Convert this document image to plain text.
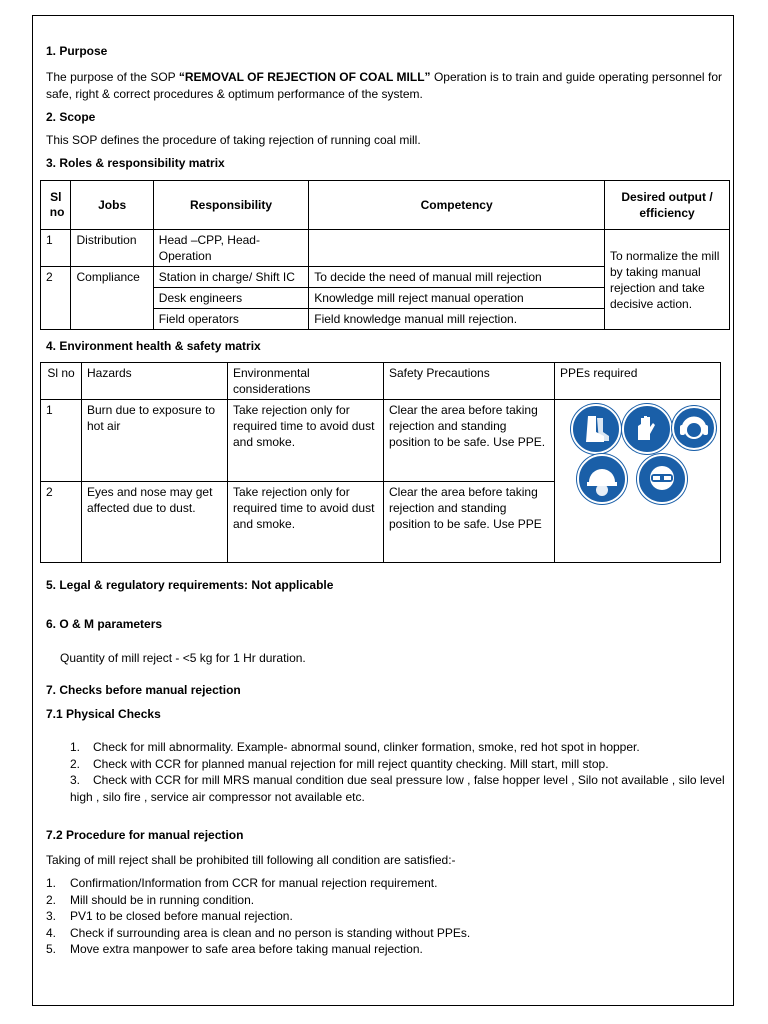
1. Purpose
The purpose of the SOP “REMOVAL OF REJECTION OF COAL MILL” Operation is to train and guide operating personnel for safe, right & correct procedures & optimum performance of the system.
2. Scope
This SOP defines the procedure of taking rejection of running coal mill.
3. Roles & responsibility matrix
Sl no	Jobs	Responsibility	Competency	Desired output / efficiency
1	Distribution	Head –CPP, Head-Operation		To normalize the mill by taking manual rejection and take decisive action.
2	Compliance	Station in charge/ Shift IC	To decide the need of manual mill rejection	
		Desk engineers	Knowledge mill reject manual operation	
		Field operators	Field knowledge manual mill rejection.	
4. Environment health & safety matrix
Sl no	Hazards	Environmental considerations	Safety Precautions	PPEs required
1	Burn due to exposure to hot air	Take rejection only for required time to avoid dust and smoke.	Clear the area before taking rejection and standing position to be safe. Use PPE.	

2	Eyes and nose may get affected due to dust.	Take rejection only for required time to avoid dust and smoke.	Clear the area before taking rejection and standing position to be safe. Use PPE	
5. Legal & regulatory requirements: Not applicable
6. O & M parameters
Quantity of mill reject - <5 kg for 1 Hr duration.
7. Checks before manual rejection
7.1 Physical Checks
1. Check for mill abnormality. Example- abnormal sound, clinker formation, smoke, red hot spot in hopper.
2. Check with CCR for planned manual rejection for mill reject quantity checking. Mill start, mill stop.
3.	Check with CCR for mill MRS manual condition due seal pressure low , false hopper level , Silo not available , silo level high , silo fire , service air compressor not available etc.
7.2 Procedure for manual rejection
Taking of mill reject shall be prohibited till following all condition are satisfied:-
1. Confirmation/Information from CCR for manual rejection requirement.
2. Mill should be in running condition.
3. PV1 to be closed before manual rejection.
4. Check if surrounding area is clean and no person is standing without PPEs.
5. Move extra manpower to safe area before taking manual rejection.
